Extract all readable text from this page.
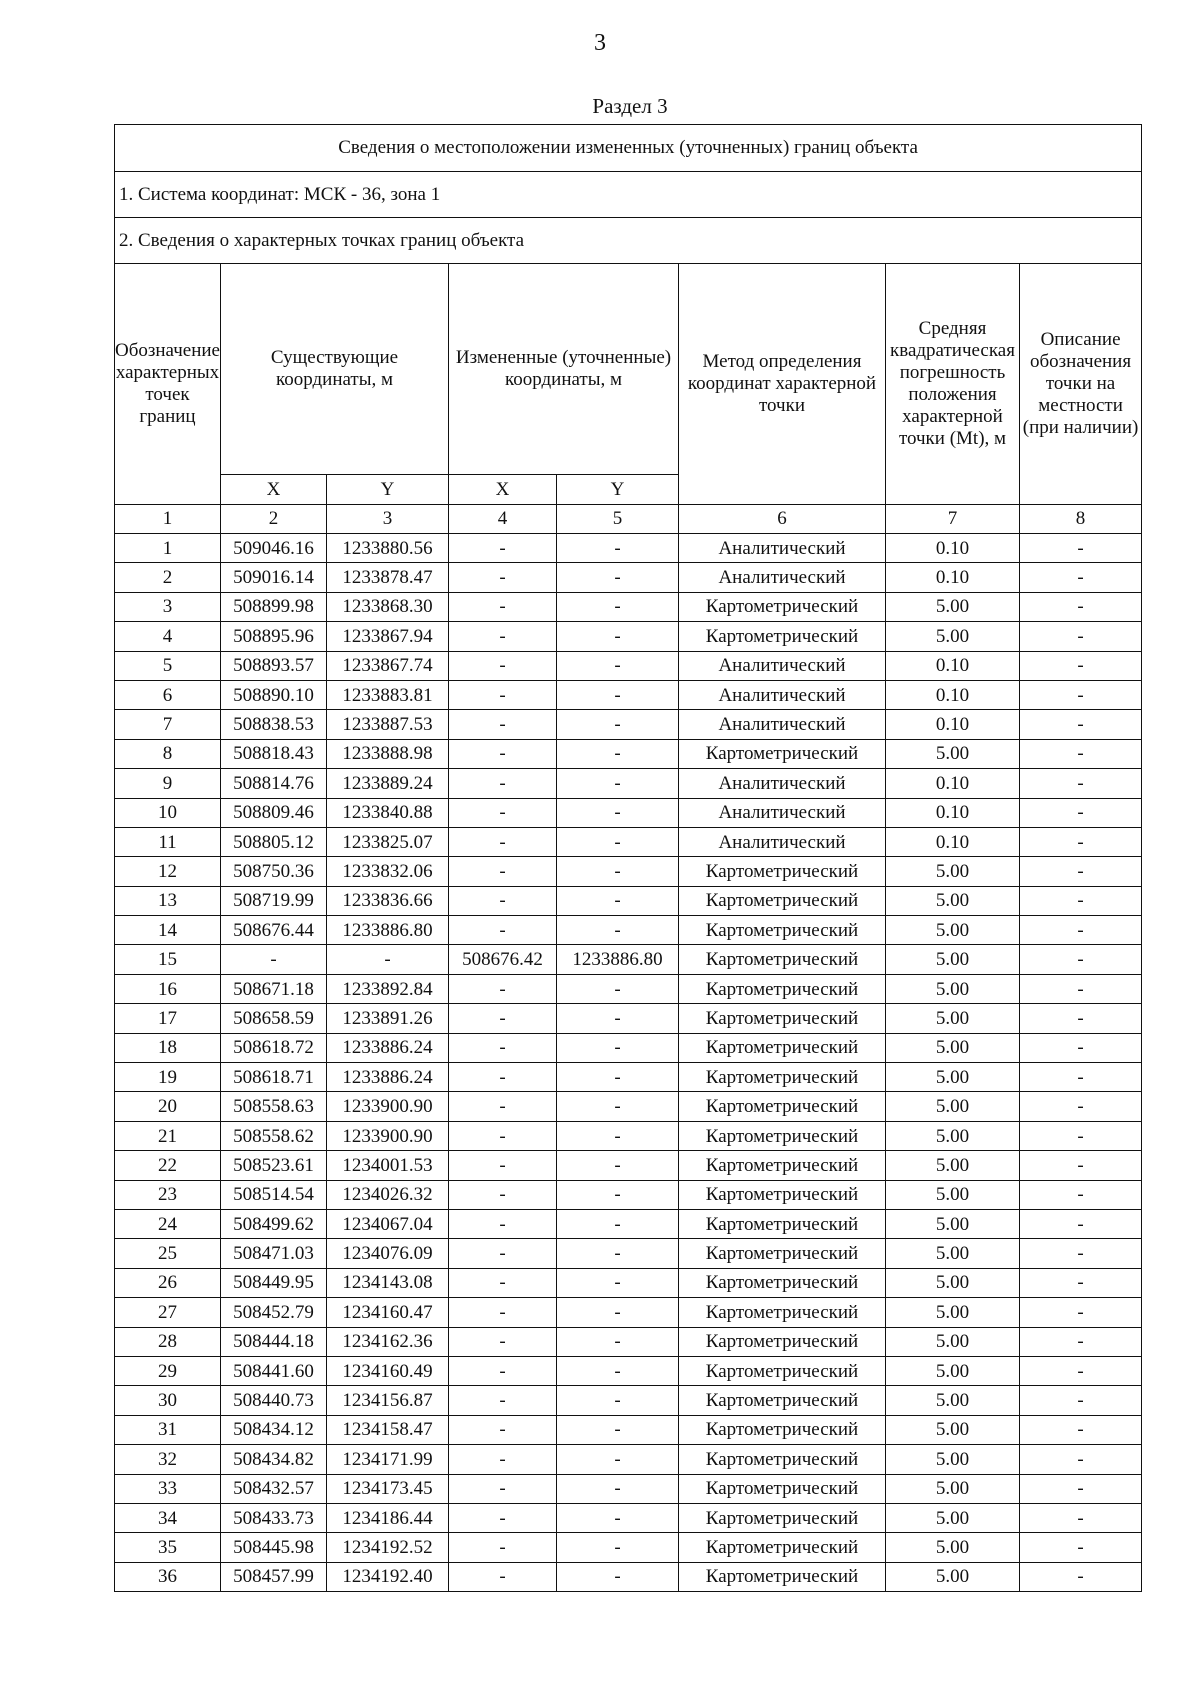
3
Раздел 3
Сведения о местоположении измененных (уточненных) границ объекта							
1. Система координат: МСК - 36, зона 1							
2. Сведения о характерных точках границ объекта							
Обозначение характерных точек границ	Существующие координаты, м		Измененные (уточненные) координаты, м		Метод определения координат характерной точки	Средняя квадратическая погрешность положения характерной точки (Мt), м	Описание обозначения точки на местности (при наличии)
	X	Y	X	Y			
1	2	3	4	5	6	7	8
1	509046.16	1233880.56	-	-	Аналитический	0.10	-
2	509016.14	1233878.47	-	-	Аналитический	0.10	-
3	508899.98	1233868.30	-	-	Картометрический	5.00	-
4	508895.96	1233867.94	-	-	Картометрический	5.00	-
5	508893.57	1233867.74	-	-	Аналитический	0.10	-
6	508890.10	1233883.81	-	-	Аналитический	0.10	-
7	508838.53	1233887.53	-	-	Аналитический	0.10	-
8	508818.43	1233888.98	-	-	Картометрический	5.00	-
9	508814.76	1233889.24	-	-	Аналитический	0.10	-
10	508809.46	1233840.88	-	-	Аналитический	0.10	-
11	508805.12	1233825.07	-	-	Аналитический	0.10	-
12	508750.36	1233832.06	-	-	Картометрический	5.00	-
13	508719.99	1233836.66	-	-	Картометрический	5.00	-
14	508676.44	1233886.80	-	-	Картометрический	5.00	-
15	-	-	508676.42	1233886.80	Картометрический	5.00	-
16	508671.18	1233892.84	-	-	Картометрический	5.00	-
17	508658.59	1233891.26	-	-	Картометрический	5.00	-
18	508618.72	1233886.24	-	-	Картометрический	5.00	-
19	508618.71	1233886.24	-	-	Картометрический	5.00	-
20	508558.63	1233900.90	-	-	Картометрический	5.00	-
21	508558.62	1233900.90	-	-	Картометрический	5.00	-
22	508523.61	1234001.53	-	-	Картометрический	5.00	-
23	508514.54	1234026.32	-	-	Картометрический	5.00	-
24	508499.62	1234067.04	-	-	Картометрический	5.00	-
25	508471.03	1234076.09	-	-	Картометрический	5.00	-
26	508449.95	1234143.08	-	-	Картометрический	5.00	-
27	508452.79	1234160.47	-	-	Картометрический	5.00	-
28	508444.18	1234162.36	-	-	Картометрический	5.00	-
29	508441.60	1234160.49	-	-	Картометрический	5.00	-
30	508440.73	1234156.87	-	-	Картометрический	5.00	-
31	508434.12	1234158.47	-	-	Картометрический	5.00	-
32	508434.82	1234171.99	-	-	Картометрический	5.00	-
33	508432.57	1234173.45	-	-	Картометрический	5.00	-
34	508433.73	1234186.44	-	-	Картометрический	5.00	-
35	508445.98	1234192.52	-	-	Картометрический	5.00	-
36	508457.99	1234192.40	-	-	Картометрический	5.00	-
